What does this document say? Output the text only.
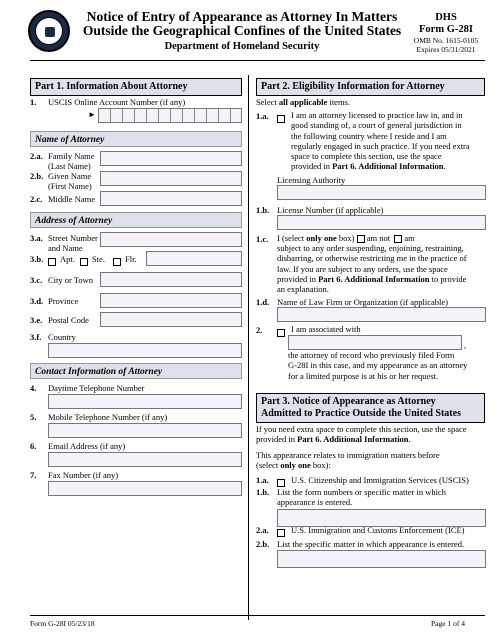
Notice of Entry of Appearance as Attorney In Matters
Outside the Geographical Confines of the United States
Department of Homeland Security
DHS
Form G-28I
OMB No. 1615-0105
Expires 05/31/2021
Part 1. Information About Attorney
1. USCIS Online Account Number (if any)
►
Name of Attorney
2.a. Family Name
(Last Name)
2.b. Given Name
(First Name)
2.c. Middle Name
Address of Attorney
3.a. Street Number
and Name
3.b. Apt. Ste. Flr.
3.c. City or Town
3.d. Province
3.e. Postal Code
3.f. Country
Contact Information of Attorney
4. Daytime Telephone Number
5. Mobile Telephone Number (if any)
6. Email Address (if any)
7. Fax Number (if any)
Part 2. Eligibility Information for Attorney
Select all applicable items.
1.a.	I am an attorney licensed to practice law in, and in
good standing of, a court of general jurisdiction in
the following country where I reside and I am
regularly engaged in such practice. If you need extra
space to complete this section, use the space
provided in Part 6. Additional Information.
Licensing Authority
1.b. License Number (if applicable)
1.c. I (select only one box) am not am
subject to any order suspending, enjoining, restraining,
disbarring, or otherwise restricting me in the practice of
law. If you are subject to any orders, use the space
provided in Part 6. Additional Information to provide
an explanation.
1.d. Name of Law Firm or Organization (if applicable)
2.	I am associated with
,
the attorney of record who previously filed Form
G-28I in this case, and my appearance as an attorney
for a limited purpose is at his or her request.
Part 3. Notice of Appearance as Attorney
Admitted to Practice Outside the United States
If you need extra space to complete this section, use the space
provided in Part 6. Additional Information.
This appearance relates to immigration matters before
(select only one box):
1.a.	U.S. Citizenship and Immigration Services (USCIS)
1.b. List the form numbers or specific matter in which
appearance is entered.
2.a.	U.S. Immigration and Customs Enforcement (ICE)
2.b. List the specific matter in which appearance is entered.
Form G-28I 05/23/18	Page 1 of 4
